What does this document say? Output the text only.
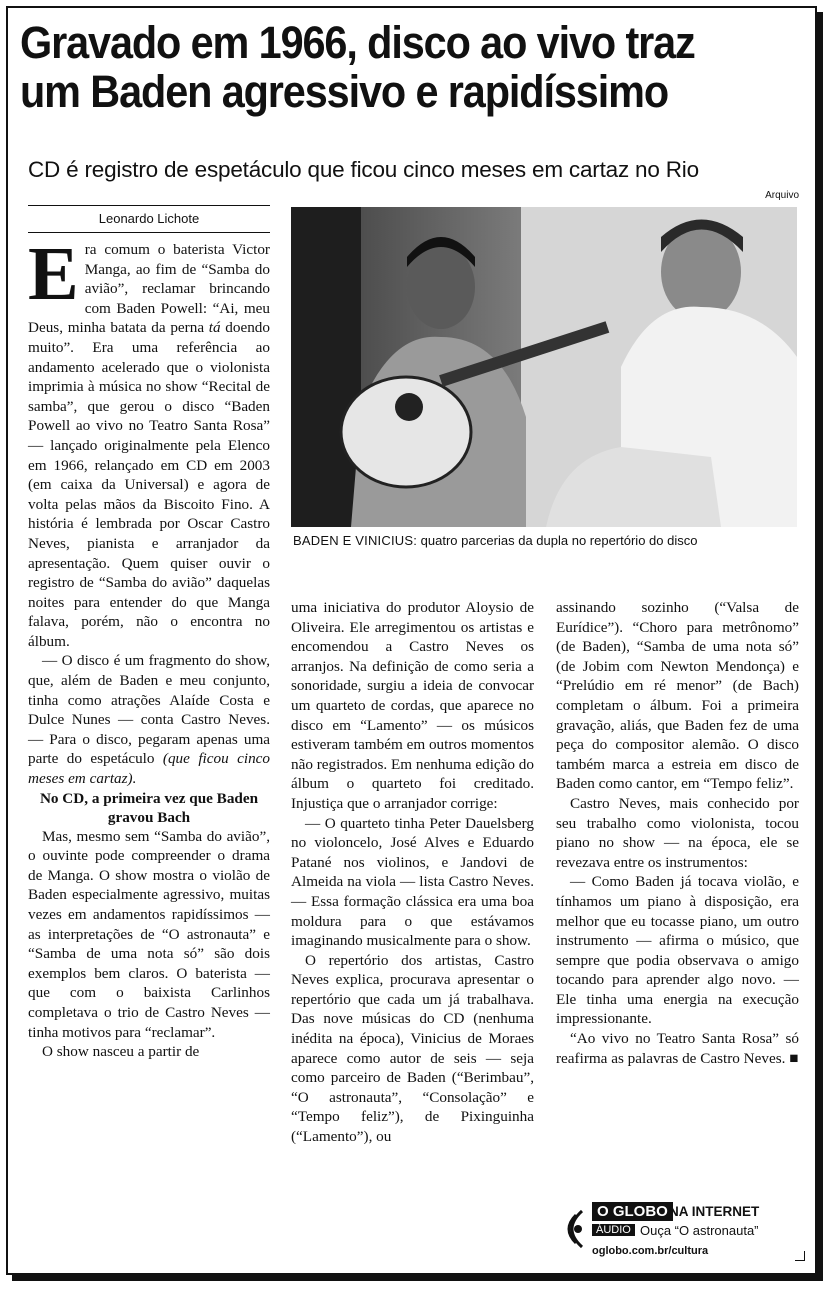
Gravado em 1966, disco ao vivo traz
um Baden agressivo e rapidíssimo
CD é registro de espetáculo que ficou cinco meses em cartaz no Rio
Arquivo
Leonardo Lichote
BADEN E VINICIUS: quatro parcerias da dupla no repertório do disco

Era comum o baterista Victor Manga, ao fim de “Samba do avião”, reclamar brincando com Baden Powell: “Ai, meu Deus, minha batata da perna tá doendo muito”. Era uma referência ao andamento acelerado que o violonista imprimia à música no show “Recital de samba”, que gerou o disco “Baden Powell ao vivo no Teatro Santa Rosa” — lançado originalmente pela Elenco em 1966, relançado em CD em 2003 (em caixa da Universal) e agora de volta pelas mãos da Biscoito Fino. A história é lembrada por Oscar Castro Neves, pianista e arranjador da apresentação. Quem quiser ouvir o registro de “Samba do avião” daquelas noites para entender do que Manga falava, porém, não o encontra no álbum.

— O disco é um fragmento do show, que, além de Baden e meu conjunto, tinha como atrações Alaíde Costa e Dulce Nunes — conta Castro Neves. — Para o disco, pegaram apenas uma parte do espetáculo (que ficou cinco meses em cartaz).

No CD, a primeira vez que Baden gravou Bach

Mas, mesmo sem “Samba do avião”, o ouvinte pode compreender o drama de Manga. O show mostra o violão de Baden especialmente agressivo, muitas vezes em andamentos rapidíssimos — as interpretações de “O astronauta” e “Samba de uma nota só” são dois exemplos bem claros. O baterista — que com o baixista Carlinhos completava o trio de Castro Neves — tinha motivos para “reclamar”.

O show nasceu a partir de

uma iniciativa do produtor Aloysio de Oliveira. Ele arregimentou os artistas e encomendou a Castro Neves os arranjos. Na definição de como seria a sonoridade, surgiu a ideia de convocar um quarteto de cordas, que aparece no disco em “Lamento” — os músicos estiveram também em outros momentos não registrados. Em nenhuma edição do álbum o quarteto foi creditado. Injustiça que o arranjador corrige:

— O quarteto tinha Peter Dauelsberg no violoncelo, José Alves e Eduardo Patané nos violinos, e Jandovi de Almeida na viola — lista Castro Neves. — Essa formação clássica era uma boa moldura para o que estávamos imaginando musicalmente para o show.

O repertório dos artistas, Castro Neves explica, procurava apresentar o repertório que cada um já trabalhava. Das nove músicas do CD (nenhuma inédita na época), Vinicius de Moraes aparece como autor de seis — seja como parceiro de Baden (“Berimbau”, “O astronauta”, “Consolação” e “Tempo feliz”), de Pixinguinha (“Lamento”), ou

assinando sozinho (“Valsa de Eurídice”). “Choro para metrônomo” (de Baden), “Samba de uma nota só” (de Jobim com Newton Mendonça) e “Prelúdio em ré menor” (de Bach) completam o álbum. Foi a primeira gravação, aliás, que Baden fez de uma peça do compositor alemão. O disco também marca a estreia em disco de Baden como cantor, em “Tempo feliz”.

Castro Neves, mais conhecido por seu trabalho como violonista, tocou piano no show — na época, ele se revezava entre os instrumentos:

— Como Baden já tocava violão, e tínhamos um piano à disposição, era melhor que eu tocasse piano, um outro instrumento — afirma o músico, que sempre que podia observava o amigo tocando para aprender algo novo. — Ele tinha uma energia na execução impressionante.

“Ao vivo no Teatro Santa Rosa” só reafirma as palavras de Castro Neves. ■

O GLOBO NA INTERNET
ÁUDIO Ouça “O astronauta”
oglobo.com.br/cultura
